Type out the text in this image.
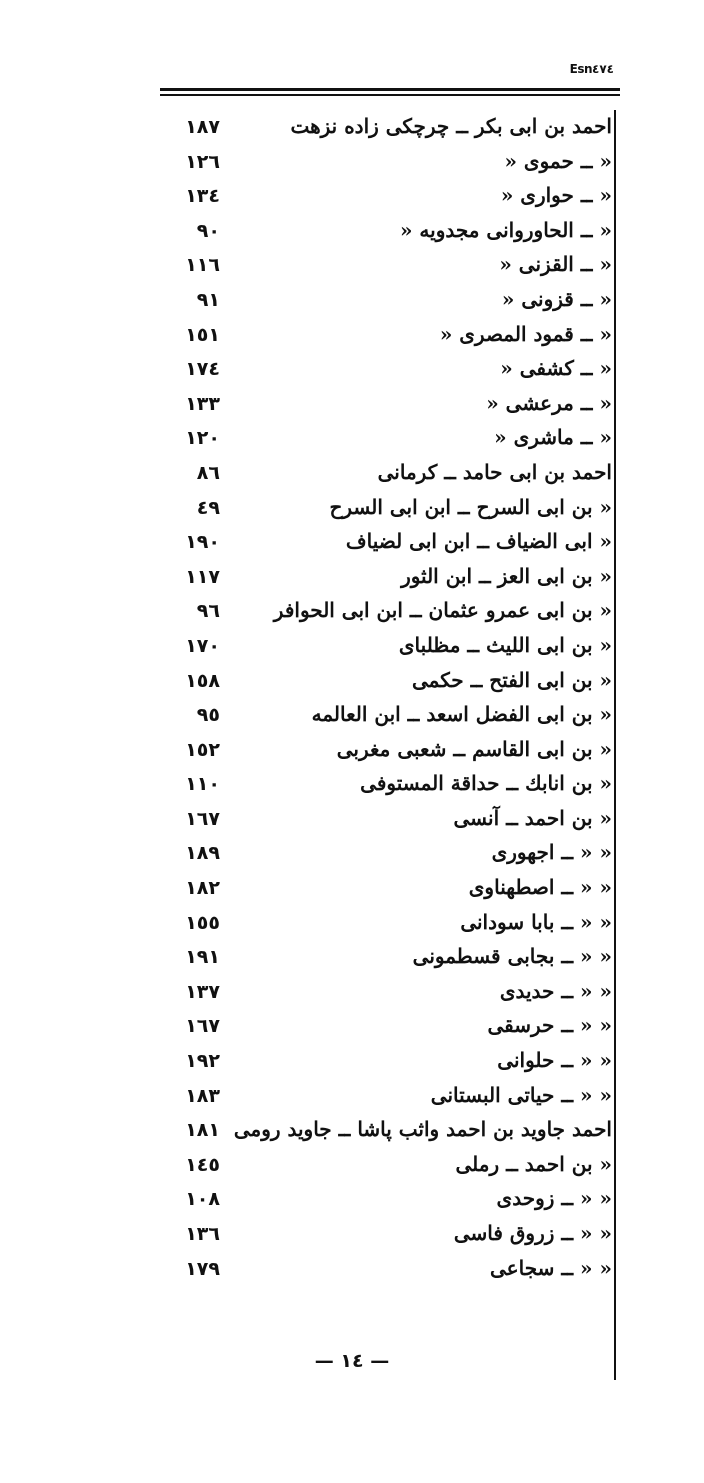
Esn٤٧٤
احمد بن ابی بکر ــ چرچکی زاده نزهت
١٨٧
« ــ حموی «
١٢٦
« ــ حواری «
١٣٤
« ــ الحاوروانی مجدویه «
٩٠
« ــ القزنی «
١١٦
« ــ قزونی «
٩١
« ــ قمود المصری «
١٥١
« ــ کشفی «
١٧٤
« ــ مرعشی «
١٣٣
« ــ ماشری «
١٢٠
احمد بن ابی حامد ــ کرمانی
٨٦
« بن ابی السرح ــ ابن ابی السرح
٤٩
« ابی الضیاف ــ ابن ابی لضیاف
١٩٠
« بن ابی العز ــ ابن الثور
١١٧
« بن ابی عمرو عثمان ــ ابن ابی الحوافر
٩٦
« بن ابی اللیث ــ مظلبای
١٧٠
« بن ابی الفتح ــ حکمی
١٥٨
« بن ابی الفضل اسعد ــ ابن العالمه
٩٥
« بن ابی القاسم ــ شعبی مغربی
١٥٢
« بن انابك ــ حداقة المستوفی
١١٠
« بن احمد ــ آنسی
١٦٧
« « ــ اجهوری
١٨٩
« « ــ اصطهناوی
١٨٢
« « ــ بابا سودانی
١٥٥
« « ــ بجابی قسطمونی
١٩١
« « ــ حدیدی
١٣٧
« « ــ حرسقی
١٦٧
« « ــ حلوانی
١٩٢
« « ــ حیاتی البستانی
١٨٣
احمد جاوید بن احمد واثب پاشا ــ جاوید رومی
١٨١
« بن احمد ــ رملی
١٤٥
« « ــ زوحدی
١٠٨
« « ــ زروق فاسی
١٣٦
« « ــ سجاعی
١٧٩
— ١٤ —
